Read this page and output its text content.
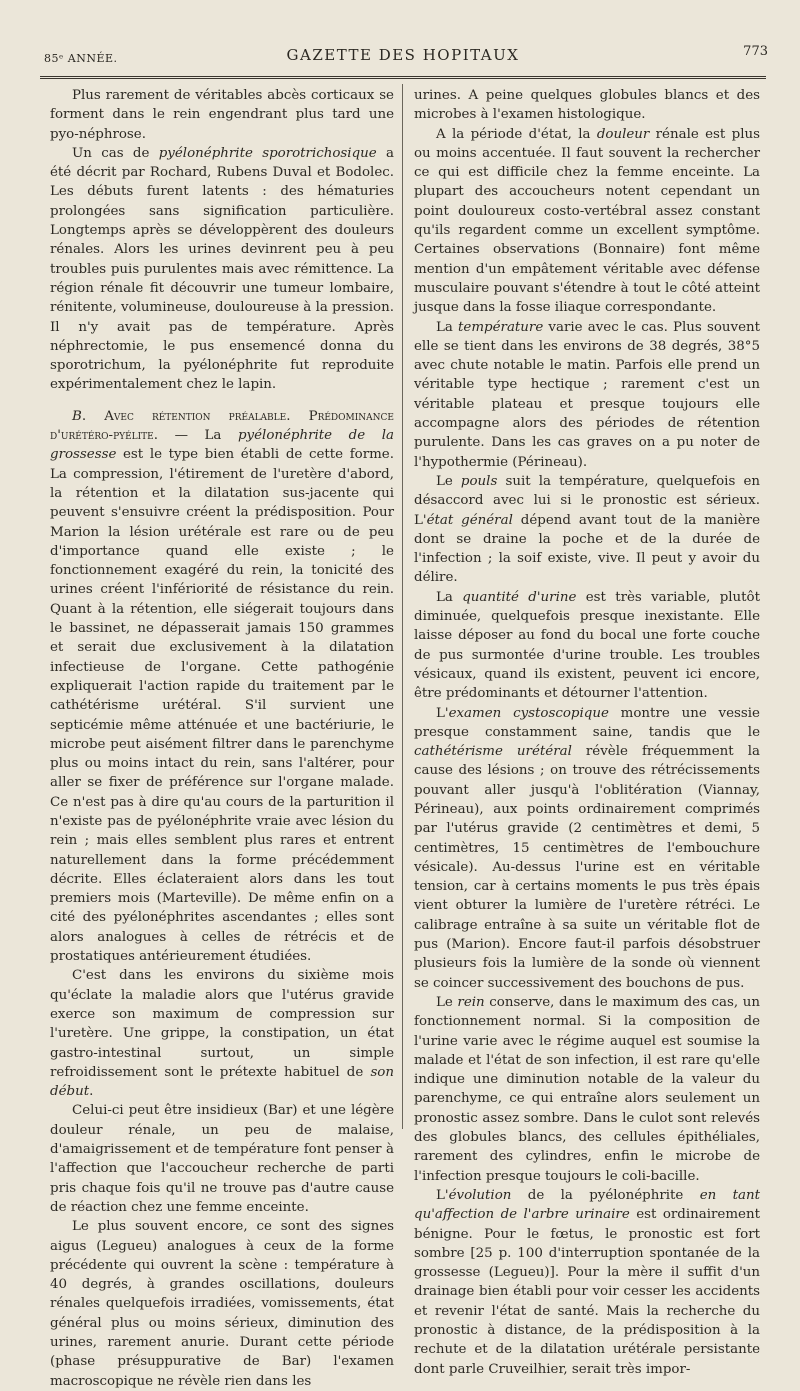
85ᵉ ANNÉE.	GAZETTE DES HOPITAUX	773

Plus rarement de véritables abcès corticaux se forment dans le rein engendrant plus tard une pyo-néphrose.

Un cas de pyélonéphrite sporotrichosique a été décrit par Rochard, Rubens Duval et Bodolec. Les débuts furent latents : des hématuries prolongées sans signification particulière. Longtemps après se développèrent des douleurs rénales. Alors les urines devinrent peu à peu troubles puis purulentes mais avec rémittence. La région rénale fit découvrir une tumeur lombaire, rénitente, volumineuse, douloureuse à la pression. Il n'y avait pas de température. Après néphrectomie, le pus ensemencé donna du sporotrichum, la pyélonéphrite fut reproduite expérimentalement chez le lapin.

B. Avec rétention préalable. Prédominance d'urétéro-pyélite. — La pyélonéphrite de la grossesse est le type bien établi de cette forme. La compression, l'étirement de l'uretère d'abord, la rétention et la dilatation sus-jacente qui peuvent s'ensuivre créent la prédisposition. Pour Marion la lésion urétérale est rare ou de peu d'importance quand elle existe ; le fonctionnement exagéré du rein, la tonicité des urines créent l'infériorité de résistance du rein. Quant à la rétention, elle siégerait toujours dans le bassinet, ne dépasserait jamais 150 grammes et serait due exclusivement à la dilatation infectieuse de l'organe. Cette pathogénie expliquerait l'action rapide du traitement par le cathétérisme urétéral. S'il survient une septicémie même atténuée et une bactériurie, le microbe peut aisément filtrer dans le parenchyme plus ou moins intact du rein, sans l'altérer, pour aller se fixer de préférence sur l'organe malade. Ce n'est pas à dire qu'au cours de la parturition il n'existe pas de pyélonéphrite vraie avec lésion du rein ; mais elles semblent plus rares et entrent naturellement dans la forme précédemment décrite. Elles éclateraient alors dans les tout premiers mois (Marteville). De même enfin on a cité des pyélonéphrites ascendantes ; elles sont alors analogues à celles de rétrécis et de prostatiques antérieurement étudiées.

C'est dans les environs du sixième mois qu'éclate la maladie alors que l'utérus gravide exerce son maximum de compression sur l'uretère. Une grippe, la constipation, un état gastro-intestinal surtout, un simple refroidissement sont le prétexte habituel de son début.

Celui-ci peut être insidieux (Bar) et une légère douleur rénale, un peu de malaise, d'amaigrissement et de température font penser à l'affection que l'accoucheur recherche de parti pris chaque fois qu'il ne trouve pas d'autre cause de réaction chez une femme enceinte.

Le plus souvent encore, ce sont des signes aigus (Legueu) analogues à ceux de la forme précédente qui ouvrent la scène : température à 40 degrés, à grandes oscillations, douleurs rénales quelquefois irradiées, vomissements, état général plus ou moins sérieux, diminution des urines, rarement anurie. Durant cette période (phase présuppurative de Bar) l'examen macroscopique ne révèle rien dans les

urines. A peine quelques globules blancs et des microbes à l'examen histologique.

A la période d'état, la douleur rénale est plus ou moins accentuée. Il faut souvent la rechercher ce qui est difficile chez la femme enceinte. La plupart des accoucheurs notent cependant un point douloureux costo-vertébral assez constant qu'ils regardent comme un excellent symptôme. Certaines observations (Bonnaire) font même mention d'un empâtement véritable avec défense musculaire pouvant s'étendre à tout le côté atteint jusque dans la fosse iliaque correspondante.

La température varie avec le cas. Plus souvent elle se tient dans les environs de 38 degrés, 38°5 avec chute notable le matin. Parfois elle prend un véritable type hectique ; rarement c'est un véritable plateau et presque toujours elle accompagne alors des périodes de rétention purulente. Dans les cas graves on a pu noter de l'hypothermie (Périneau).

Le pouls suit la température, quelquefois en désaccord avec lui si le pronostic est sérieux. L'état général dépend avant tout de la manière dont se draine la poche et de la durée de l'infection ; la soif existe, vive. Il peut y avoir du délire.

La quantité d'urine est très variable, plutôt diminuée, quelquefois presque inexistante. Elle laisse déposer au fond du bocal une forte couche de pus surmontée d'urine trouble. Les troubles vésicaux, quand ils existent, peuvent ici encore, être prédominants et détourner l'attention.

L'examen cystoscopique montre une vessie presque constamment saine, tandis que le cathétérisme urétéral révèle fréquemment la cause des lésions ; on trouve des rétrécissements pouvant aller jusqu'à l'oblitération (Viannay, Périneau), aux points ordinairement comprimés par l'utérus gravide (2 centimètres et demi, 5 centimètres, 15 centimètres de l'embouchure vésicale). Au-dessus l'urine est en véritable tension, car à certains moments le pus très épais vient obturer la lumière de l'uretère rétréci. Le calibrage entraîne à sa suite un véritable flot de pus (Marion). Encore faut-il parfois désobstruer plusieurs fois la lumière de la sonde où viennent se coincer successivement des bouchons de pus.

Le rein conserve, dans le maximum des cas, un fonctionnement normal. Si la composition de l'urine varie avec le régime auquel est soumise la malade et l'état de son infection, il est rare qu'elle indique une diminution notable de la valeur du parenchyme, ce qui entraîne alors seulement un pronostic assez sombre. Dans le culot sont relevés des globules blancs, des cellules épithéliales, rarement des cylindres, enfin le microbe de l'infection presque toujours le coli-bacille.

L'évolution de la pyélonéphrite en tant qu'affection de l'arbre urinaire est ordinairement bénigne. Pour le fœtus, le pronostic est fort sombre [25 p. 100 d'interruption spontanée de la grossesse (Legueu)]. Pour la mère il suffit d'un drainage bien établi pour voir cesser les accidents et revenir l'état de santé. Mais la recherche du pronostic à distance, de la prédisposition à la rechute et de la dilatation urétérale persistante dont parle Cruveilhier, serait très impor-
